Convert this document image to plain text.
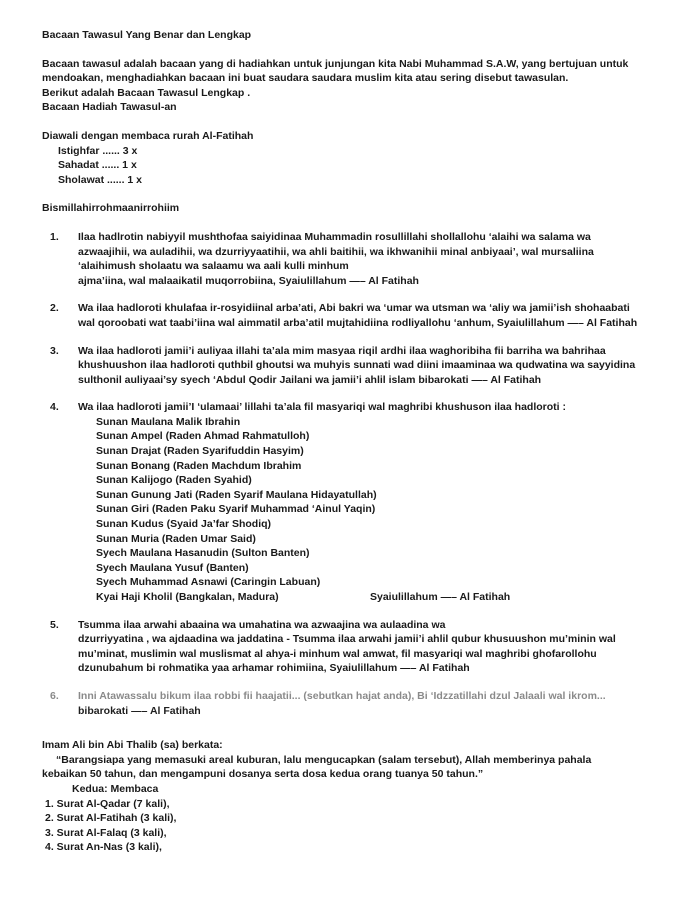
Bacaan Tawasul Yang Benar dan Lengkap
Bacaan tawasul adalah bacaan yang di hadiahkan untuk junjungan kita Nabi Muhammad S.A.W, yang bertujuan untuk mendoakan, menghadiahkan bacaan ini buat saudara saudara muslim kita atau sering disebut tawasulan.
Berikut adalah Bacaan Tawasul Lengkap .
Bacaan Hadiah Tawasul-an
Diawali dengan membaca rurah Al-Fatihah
Istighfar ...... 3 x
Sahadat ...... 1 x
Sholawat ...... 1 x
Bismillahirrohmaanirrohiim
1.	Ilaa hadlrotin nabiyyil mushthofaa saiyidinaa Muhammadin rosullillahi shollallohu ‘alaihi wa salama wa azwaajihii, wa auladihii, wa dzurriyyaatihii, wa ahli baitihii, wa ikhwanihii minal anbiyaai’, wal mursaliina ‘alaihimush sholaatu wa salaamu wa aali kulli minhum
ajma’iina, wal malaaikatil muqorrobiina, Syaiulillahum —– Al Fatihah
2.	Wa ilaa hadloroti khulafaa ir-rosyidiinal arba’ati, Abi bakri wa ‘umar wa utsman wa ‘aliy wa jamii’ish shohaabati wal qoroobati wat taabi’iina wal aimmatil arba’atil mujtahidiina rodliyallohu ‘anhum, Syaiulillahum —– Al Fatihah
3.	Wa ilaa hadloroti jamii’i auliyaa illahi ta’ala mim masyaa riqil ardhi ilaa waghoribiha fii barriha wa bahrihaa khushuushon ilaa hadloroti quthbil ghoutsi wa muhyis sunnati wad diini imaaminaa wa qudwatina wa sayyidina sulthonil auliyaai’sy syech ‘Abdul Qodir Jailani wa jamii’i ahlil islam bibarokati —– Al Fatihah
4.	Wa ilaa hadloroti jamii’I ‘ulamaai’ lillahi ta’ala fil masyariqi wal maghribi khushuson ilaa hadloroti :
Sunan Maulana Malik Ibrahin
Sunan Ampel (Raden Ahmad Rahmatulloh)
Sunan Drajat (Raden Syarifuddin Hasyim)
Sunan Bonang (Raden Machdum Ibrahim
Sunan Kalijogo (Raden Syahid)
Sunan Gunung Jati (Raden Syarif Maulana Hidayatullah)
Sunan Giri (Raden Paku Syarif Muhammad ‘Ainul Yaqin)
Sunan Kudus (Syaid Ja’far Shodiq)
Sunan Muria (Raden Umar Said)
Syech Maulana Hasanudin (Sulton Banten)
Syech Maulana Yusuf (Banten)
Syech Muhammad Asnawi (Caringin Labuan)
Kyai Haji Kholil (Bangkalan, Madura)	Syaiulillahum —– Al Fatihah
5.	Tsumma ilaa arwahi abaaina wa umahatina wa azwaajina wa aulaadina wa
dzurriyyatina , wa ajdaadina wa jaddatina - Tsumma ilaa arwahi jamii’i ahlil qubur khusuushon mu’minin wal mu’minat, muslimin wal muslismat al ahya-i minhum wal amwat, fil masyariqi wal maghribi ghofarollohu dzunubahum bi rohmatika yaa arhamar rohimiina, Syaiulillahum —– Al Fatihah
6.	Inni Atawassalu bikum ilaa robbi fii haajatii... (sebutkan hajat anda), Bi ‘Idzzatillahi dzul Jalaali wal ikrom... bibarokati —– Al Fatihah
Imam Ali bin Abi Thalib (sa) berkata:
“Barangsiapa yang memasuki areal kuburan, lalu mengucapkan (salam tersebut), Allah memberinya pahala
kebaikan 50 tahun, dan mengampuni dosanya serta dosa kedua orang tuanya 50 tahun.”
Kedua: Membaca
1. Surat Al-Qadar (7 kali),
2. Surat Al-Fatihah (3 kali),
3. Surat Al-Falaq (3 kali),
4. Surat An-Nas (3 kali),
